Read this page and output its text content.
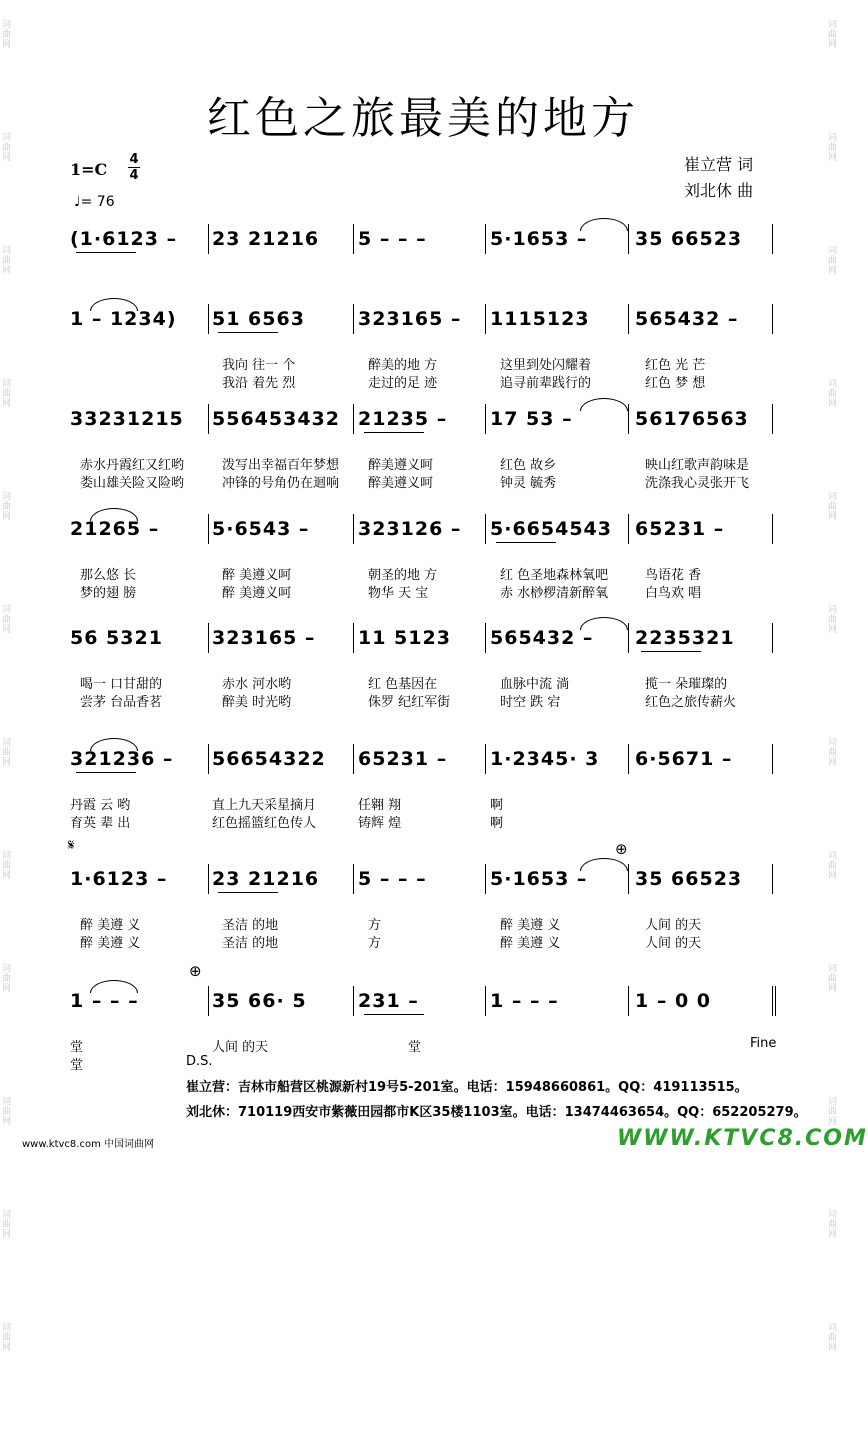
词
曲
网
词
曲
网
词
曲
网

词
曲
网
词
曲
网
词
曲
网

词
曲
网
词
曲
网
词
曲
网

词
曲
网
词
曲
网
词
曲
网

词
曲
网
词
曲
网
词
曲
网

词
曲
网
词
曲
网
词
曲
网

词
曲
网
词
曲
网
词
曲
网

词
曲
网
词
曲
网
词
曲
网

红色之旅最美的地方
1=C
4
4
♩= 76
崔立营 词
刘北休 曲
(1·6123 – 23 21216 5 – – –	5·1653 –	35 66523
1 – 1234) 51 6563	323165 – 1115123 565432 –
我向 往一 个	醉美的地 方	这里到处闪耀着	红色 光 芒
我沿 着先 烈	走过的足 迹	追寻前辈践行的	红色 梦 想
33231215 556453432 21235 – 17 53 –	56176563
赤水丹霞红又红哟	泼写出幸福百年梦想 醉美遵义呵	红色 故乡	映山红歌声韵味是
娄山雄关险又险哟	冲锋的号角仍在迴响 醉美遵义呵	钟灵 毓秀	洗涤我心灵张开飞
21265 –	5·6543 –	323126 – 5·6654543 65231 –
那么悠 长	醉 美遵义呵	朝圣的地 方	红 色圣地森林氧吧	鸟语花 香
梦的翅 膀	醉 美遵义呵	物华 天 宝	赤 水桫椤清新醉氧	白鸟欢 唱
56 5321	323165 – 11 5123 565432 – 2235321
喝一 口甘甜的	赤水 河水哟	红 色基因在	血脉中流 淌	揽一 朵璀璨的
尝茅 台品香茗	醉美 时光哟	侏罗 纪红军街	时空 跌 宕	红色之旅传薪火
321236 – 56654322 65231 – 1·2345· 3 6·5671 –
丹霞 云 哟	直上九天采星摘月	任翱 翔	啊
育英 辈 出	红色摇篮红色传人	铸辉 煌	啊
1·6123 – 23 21216 5 – – –	5·1653 –	35 66523
醉 美遵 义	圣洁 的地	方	醉 美遵 义	人间 的天
醉 美遵 义	圣洁 的地	方	醉 美遵 义	人间 的天
1 – – –	35 66· 5	231 –	1 – – –	1 – 0 0
堂	人间 的天	堂	Fine
堂	D.S.
𝄋	⊕
⊕
崔立营：吉林市船营区桃源新村19号5-201室。电话：15948660861。QQ：419113515。
刘北休：710119西安市紫薇田园都市K区35楼1103室。电话：13474463654。QQ：652205279。
www.ktvc8.com 中国词曲网	WWW.KTVC8.COM
